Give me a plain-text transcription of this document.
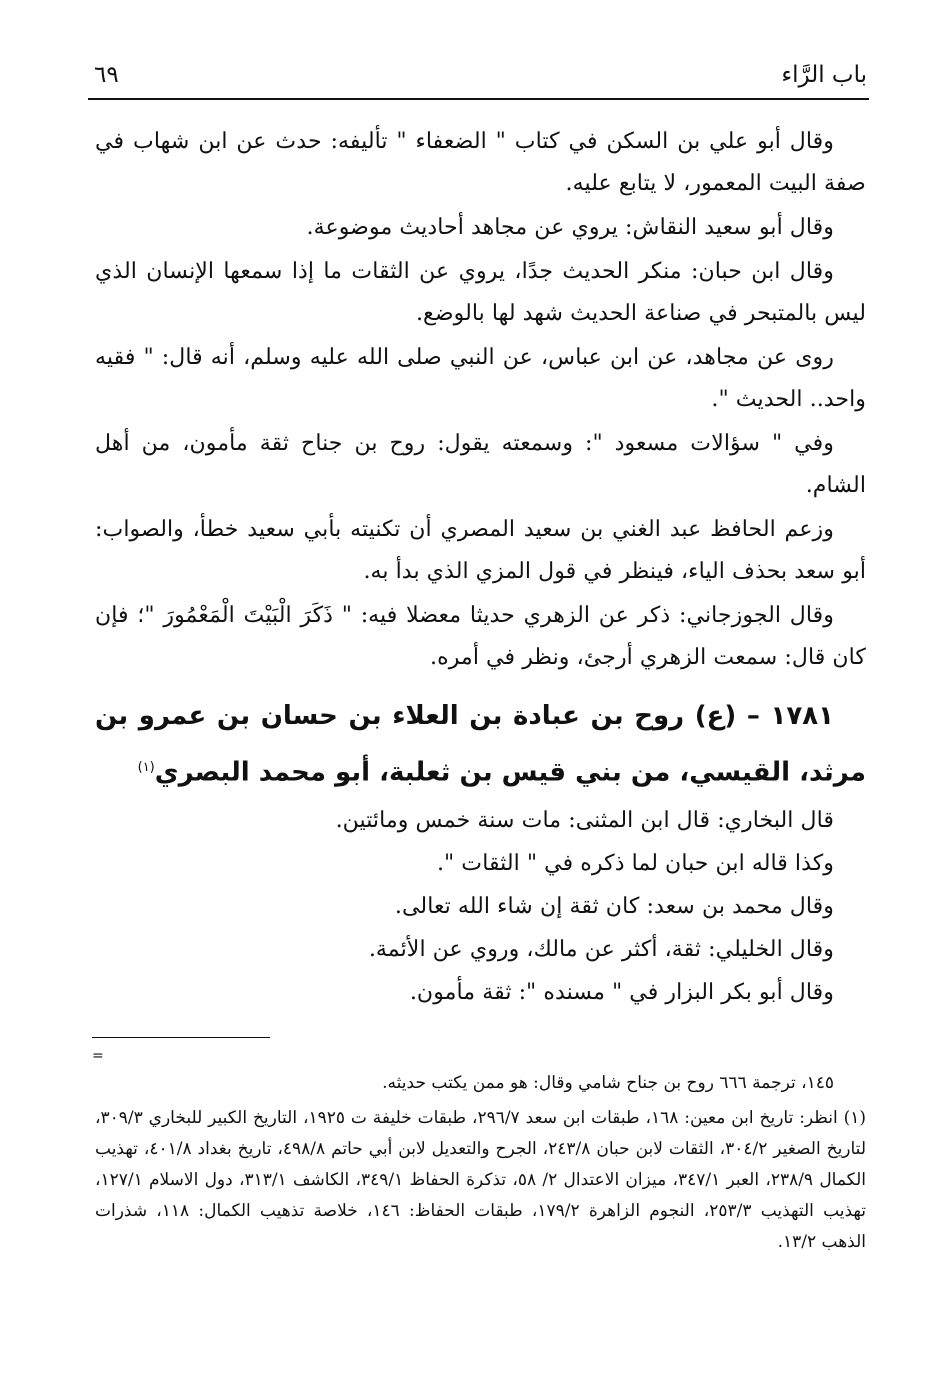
باب الرَّاء
٦٩

وقال أبو علي بن السكن في كتاب " الضعفاء " تأليفه: حدث عن ابن شهاب في صفة البيت المعمور، لا يتابع عليه.

وقال أبو سعيد النقاش: يروي عن مجاهد أحاديث موضوعة.

وقال ابن حبان: منكر الحديث جدًا، يروي عن الثقات ما إذا سمعها الإنسان الذي ليس بالمتبحر في صناعة الحديث شهد لها بالوضع.

روى عن مجاهد، عن ابن عباس، عن النبي صلى الله عليه وسلم، أنه قال: " فقيه واحد.. الحديث ".

وفي " سؤالات مسعود ": وسمعته يقول: روح بن جناح ثقة مأمون، من أهل الشام.

وزعم الحافظ عبد الغني بن سعيد المصري أن تكنيته بأبي سعيد خطأ، والصواب: أبو سعد بحذف الياء، فينظر في قول المزي الذي بدأ به.

وقال الجوزجاني: ذكر عن الزهري حديثا معضلا فيه: " ذَكَرَ الْبَيْتَ الْمَعْمُورَ "؛ فإن كان قال: سمعت الزهري أرجئ، ونظر في أمره.

١٧٨١ – (ع) روح بن عبادة بن العلاء بن حسان بن عمرو بن مرثد، القيسي، من بني قيس بن ثعلبة، أبو محمد البصري$^{(١)}$

قال البخاري: قال ابن المثنى: مات سنة خمس ومائتين.

وكذا قاله ابن حبان لما ذكره في " الثقات ".

وقال محمد بن سعد: كان ثقة إن شاء الله تعالى.

وقال الخليلي: ثقة، أكثر عن مالك، وروي عن الأئمة.

وقال أبو بكر البزار في " مسنده ": ثقة مأمون.

=

١٤٥، ترجمة ٦٦٦ روح بن جناح شامي وقال: هو ممن يكتب حديثه.

(١) انظر: تاريخ ابن معين: ١٦٨، طبقات ابن سعد ٢٩٦/٧، طبقات خليفة ت ١٩٢٥، التاريخ الكبير للبخاري ٣٠٩/٣، لتاريخ الصغير ٣٠٤/٢، الثقات لابن حبان ٢٤٣/٨، الجرح والتعديل لابن أبي حاتم ٤٩٨/٨، تاريخ بغداد ٤٠١/٨، تهذيب الكمال ٢٣٨/٩، العبر ٣٤٧/١، ميزان الاعتدال ٢/ ٥٨، تذكرة الحفاظ ٣٤٩/١، الكاشف ٣١٣/١، دول الاسلام ١٢٧/١، تهذيب التهذيب ٢٥٣/٣، النجوم الزاهرة ١٧٩/٢، طبقات الحفاظ: ١٤٦، خلاصة تذهيب الكمال: ١١٨، شذرات الذهب ١٣/٢.
